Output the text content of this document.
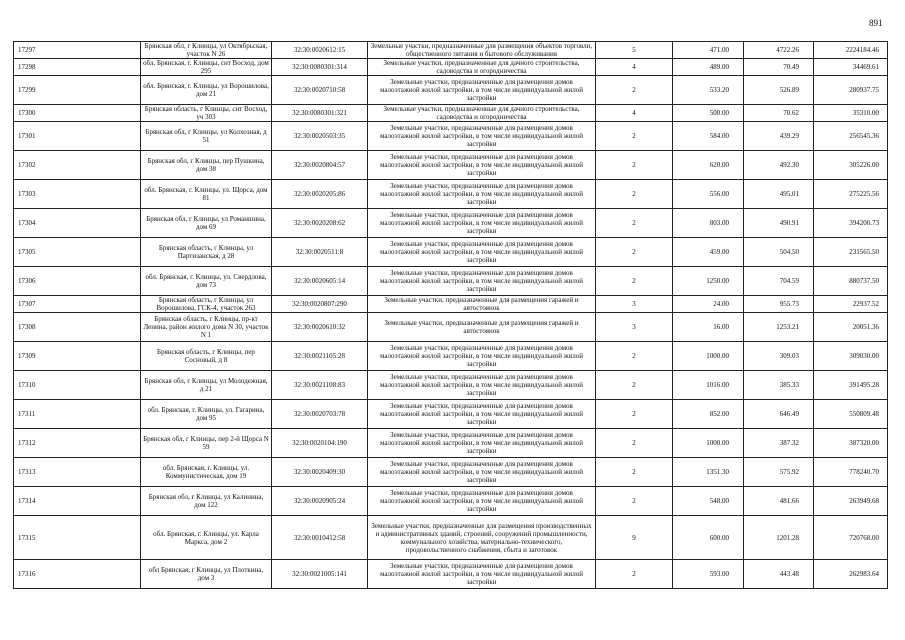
891
17297	Брянская обл, г Клинцы, ул Октябрьская, участок N 26	32:30:0020612:15	Земельные участки, предназначенные для размещения объектов торговли, общественного питания и бытового обслуживания	5	471.00	4722.26	2224184.46
17298	обл. Брянская, г. Клинцы, снт Восход, дом 295	32:30:0080301:314	Земельные участки, предназначенные для дачного строительства, садоводства и огородничества	4	489.00	70.49	34469.61
17299	обл. Брянская, г. Клинцы, ул Ворошилова, дом 21	32:30:0020710:58	Земельные участки, предназначенные для размещения домов малоэтажной жилой застройки, в том числе индивидуальной жилой застройки	2	533.20	526.89	280937.75
17300	Брянская область, г Клинцы, снт Восход, уч 303	32:30:0080301:321	Земельные участки, предназначенные для дачного строительства, садоводства и огородничества	4	500.00	70.62	35310.00
17301	Брянская обл, г Клинцы, ул Колхозная, д 51	32:30:0020503:35	Земельные участки, предназначенные для размещения домов малоэтажной жилой застройки, в том числе индивидуальной жилой застройки	2	584.00	439.29	256545.36
17302	Брянская обл, г Клинцы, пер Пушкина, дом 38	32:30:0020804:57	Земельные участки, предназначенные для размещения домов малоэтажной жилой застройки, в том числе индивидуальной жилой застройки	2	620.00	492.30	305226.00
17303	обл. Брянская, г. Клинцы, ул. Щорса, дом 81	32:30:0020205:86	Земельные участки, предназначенные для размещения домов малоэтажной жилой застройки, в том числе индивидуальной жилой застройки	2	556.00	495.01	275225.56
17304	Брянская обл, г Клинцы, ул Романшина, дом 69	32:30:0020208:62	Земельные участки, предназначенные для размещения домов малоэтажной жилой застройки, в том числе индивидуальной жилой застройки	2	803.00	490.91	394200.73
17305	Брянская область, г Клинцы, ул Партизанская, д 28	32:30:0020511:8	Земельные участки, предназначенные для размещения домов малоэтажной жилой застройки, в том числе индивидуальной жилой застройки	2	459.00	504.50	231565.50
17306	обл. Брянская, г. Клинцы, ул. Свердлова, дом 73	32:30:0020605:14	Земельные участки, предназначенные для размещения домов малоэтажной жилой застройки, в том числе индивидуальной жилой застройки	2	1250.00	704.59	880737.50
17307	Брянская область, г Клинцы, ул Ворошилова, ГСК-4, участок 263	32:30:0020807:290	Земельные участки, предназначенные для размещения гаражей и автостоянок	3	24.00	955.73	22937.52
17308	Брянская область, г Клинцы, пр-кт Ленина, район жилого дома N 30, участок N 1	32:30:0020610:32	Земельные участки, предназначенные для размещения гаражей и автостоянок	3	16.00	1253.21	20051.36
17309	Брянская область, г Клинцы, пер Сосновый, д 8	32:30:0021105:28	Земельные участки, предназначенные для размещения домов малоэтажной жилой застройки, в том числе индивидуальной жилой застройки	2	1000.00	309.03	309030.00
17310	Брянская обл, г Клинцы, ул Молодежная, д 21	32:30:0021108:83	Земельные участки, предназначенные для размещения домов малоэтажной жилой застройки, в том числе индивидуальной жилой застройки	2	1016.00	385.33	391495.28
17311	обл. Брянская, г. Клинцы, ул. Гагарина, дом 95	32:30:0020703:78	Земельные участки, предназначенные для размещения домов малоэтажной жилой застройки, в том числе индивидуальной жилой застройки	2	852.00	646.49	550809.48
17312	Брянская обл, г Клинцы, пер 2-й Щорса N 59	32:30:0020104:190	Земельные участки, предназначенные для размещения домов малоэтажной жилой застройки, в том числе индивидуальной жилой застройки	2	1000.00	387.32	387320.00
17313	обл. Брянская, г. Клинцы, ул. Коммунистическая, дом 19	32:30:0020409:30	Земельные участки, предназначенные для размещения домов малоэтажной жилой застройки, в том числе индивидуальной жилой застройки	2	1351.30	575.92	778240.70
17314	Брянская обл, г Клинцы, ул Калинина, дом 122	32:30:0020905:24	Земельные участки, предназначенные для размещения домов малоэтажной жилой застройки, в том числе индивидуальной жилой застройки	2	548.00	481.66	263949.68
17315	обл. Брянская, г. Клинцы, ул. Карла Маркса, дом 2	32:30:0010412:58	Земельные участки, предназначенные для размещения производственных и административных зданий, строений, сооружений промышленности, коммунального хозяйства, материально-технического, продовольственного снабжения, сбыта и заготовок	9	600.00	1201.28	720768.00
17316	обл Брянская, г Клинцы, ул Плоткина, дом 3	32:30:0021005:141	Земельные участки, предназначенные для размещения домов малоэтажной жилой застройки, в том числе индивидуальной жилой застройки	2	593.00	443.48	262983.64
